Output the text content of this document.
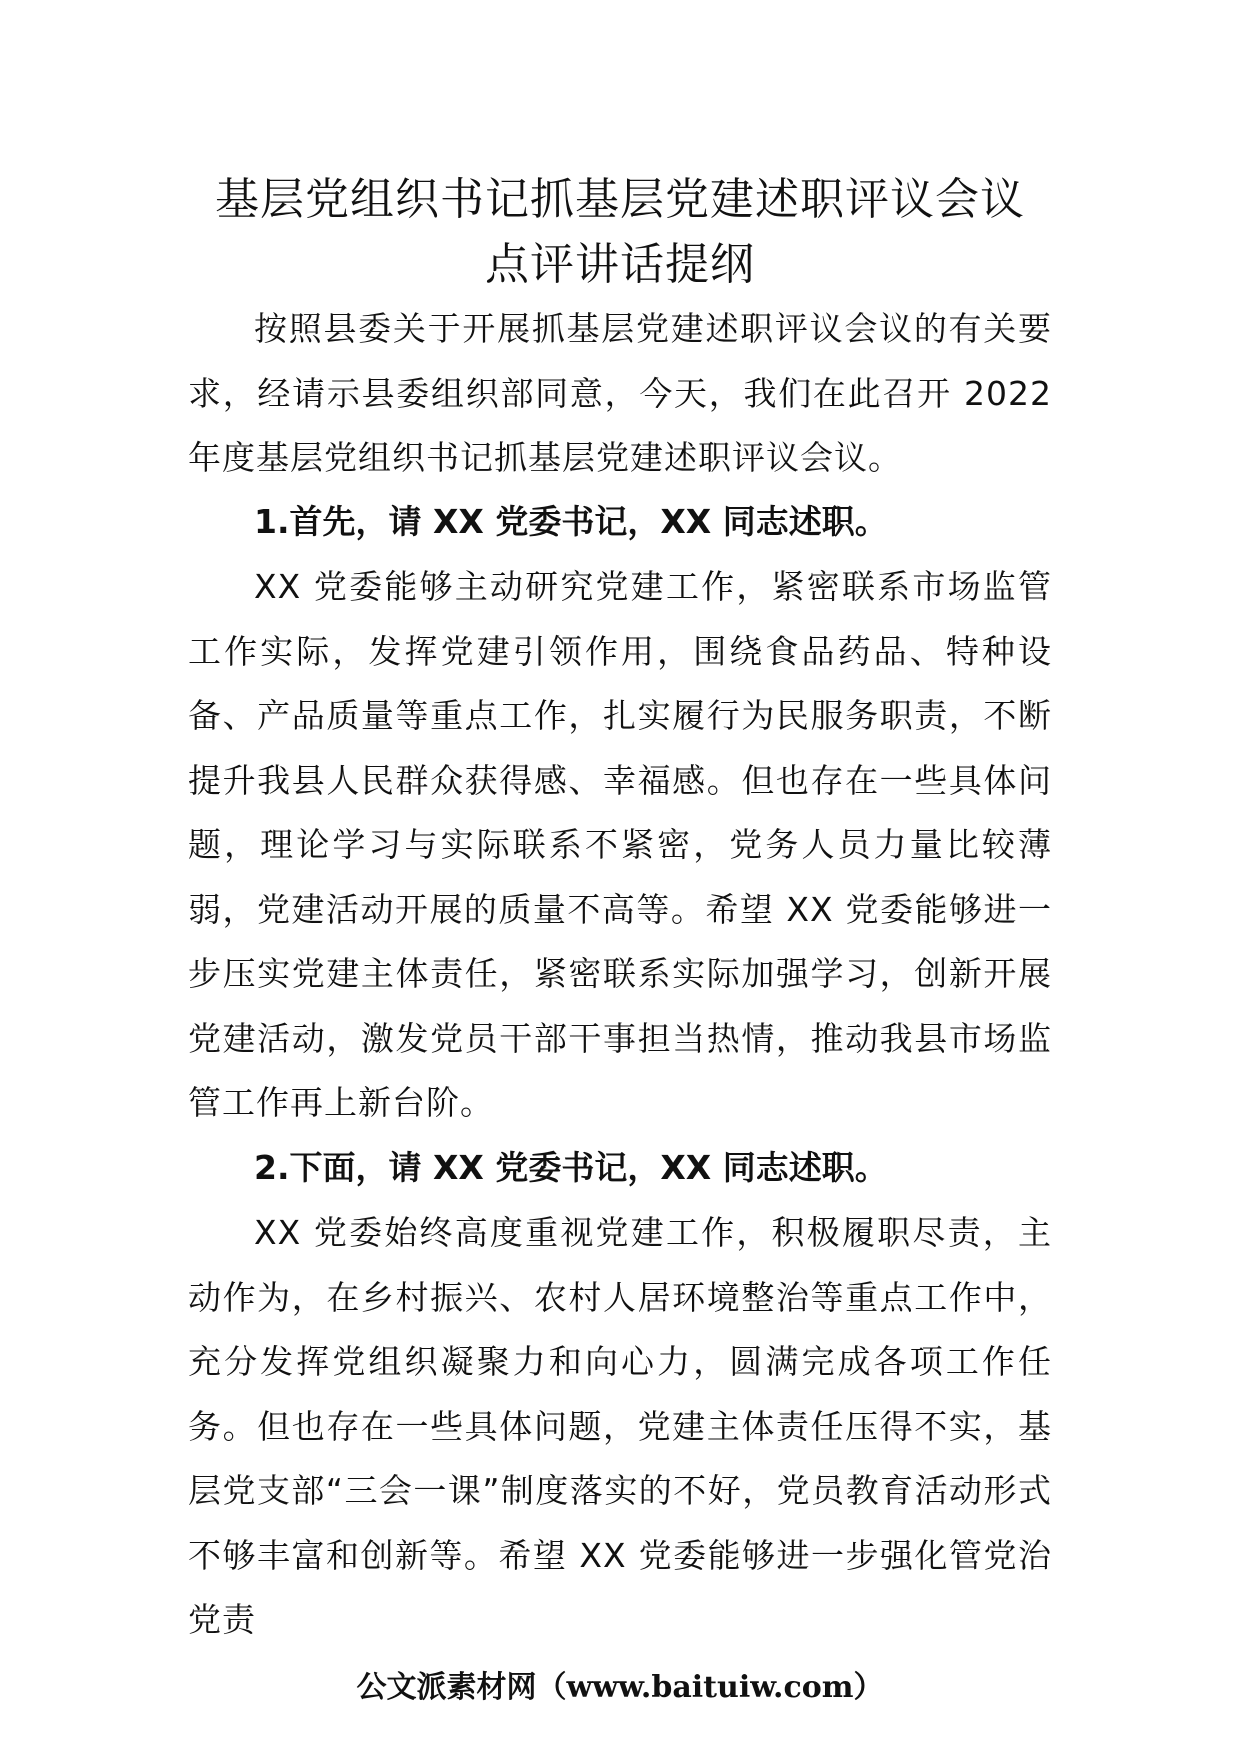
基层党组织书记抓基层党建述职评议会议
点评讲话提纲

按照县委关于开展抓基层党建述职评议会议的有关要求，经请示县委组织部同意，今天，我们在此召开 2022 年度基层党组织书记抓基层党建述职评议会议。

1.首先，请 XX 党委书记，XX 同志述职。

XX 党委能够主动研究党建工作，紧密联系市场监管工作实际，发挥党建引领作用，围绕食品药品、特种设备、产品质量等重点工作，扎实履行为民服务职责，不断提升我县人民群众获得感、幸福感。但也存在一些具体问题，理论学习与实际联系不紧密，党务人员力量比较薄弱，党建活动开展的质量不高等。希望 XX 党委能够进一步压实党建主体责任，紧密联系实际加强学习，创新开展党建活动，激发党员干部干事担当热情，推动我县市场监管工作再上新台阶。

2.下面，请 XX 党委书记，XX 同志述职。

XX 党委始终高度重视党建工作，积极履职尽责，主动作为，在乡村振兴、农村人居环境整治等重点工作中，充分发挥党组织凝聚力和向心力，圆满完成各项工作任务。但也存在一些具体问题，党建主体责任压得不实，基层党支部“三会一课”制度落实的不好，党员教育活动形式不够丰富和创新等。希望 XX 党委能够进一步强化管党治党责

公文派素材网（www.baituiw.com）
